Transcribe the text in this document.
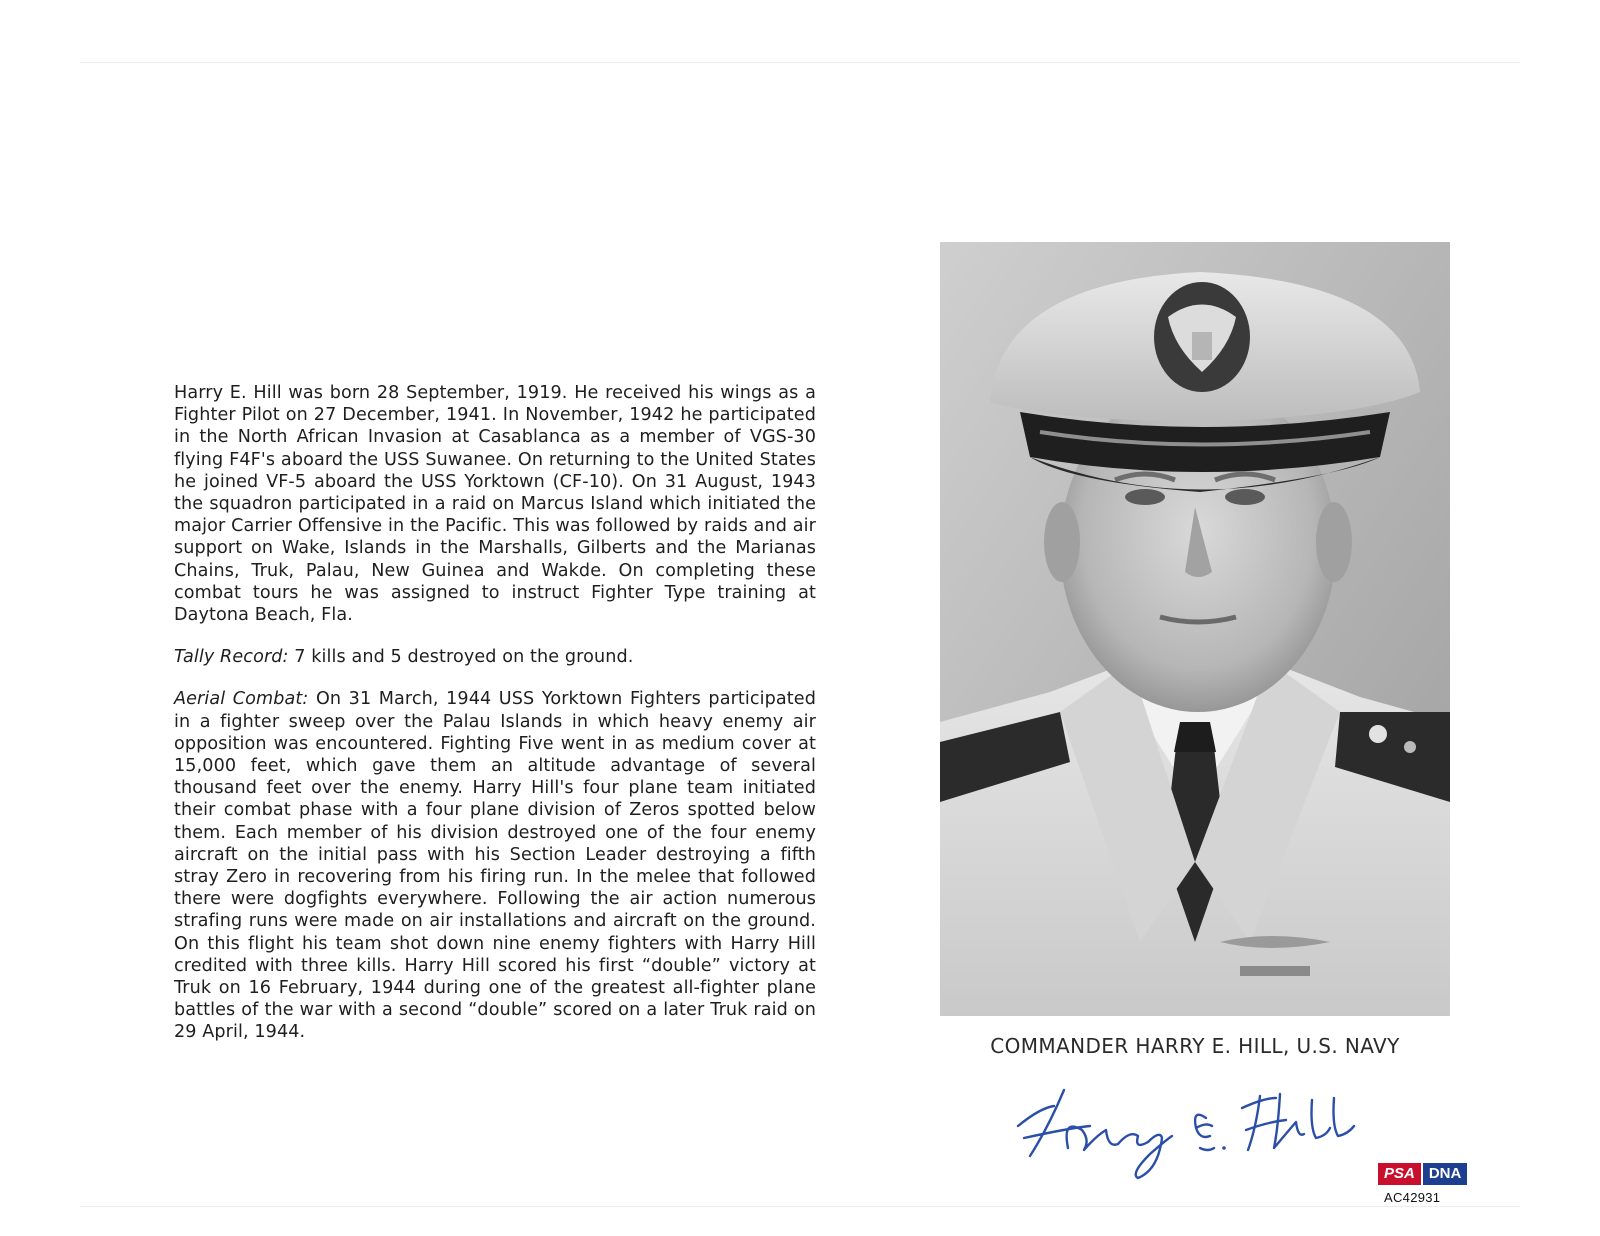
Harry E. Hill was born 28 September, 1919. He received his wings as a Fighter Pilot on 27 December, 1941. In November, 1942 he participated in the North African Invasion at Casablanca as a member of VGS-30 flying F4F's aboard the USS Suwanee. On returning to the United States he joined VF-5 aboard the USS Yorktown (CF-10). On 31 August, 1943 the squadron participated in a raid on Marcus Island which initiated the major Carrier Offensive in the Pacific. This was followed by raids and air support on Wake, Islands in the Marshalls, Gilberts and the Marianas Chains, Truk, Palau, New Guinea and Wakde. On completing these combat tours he was assigned to instruct Fighter Type training at Daytona Beach, Fla.

Tally Record: 7 kills and 5 destroyed on the ground.

Aerial Combat: On 31 March, 1944 USS Yorktown Fighters participated in a fighter sweep over the Palau Islands in which heavy enemy air opposition was encountered. Fighting Five went in as medium cover at 15,000 feet, which gave them an altitude advantage of several thousand feet over the enemy. Harry Hill's four plane team initiated their combat phase with a four plane division of Zeros spotted below them. Each member of his division destroyed one of the four enemy aircraft on the initial pass with his Section Leader destroying a fifth stray Zero in recovering from his firing run. In the melee that followed there were dogfights everywhere. Following the air action numerous strafing runs were made on air installations and aircraft on the ground. On this flight his team shot down nine enemy fighters with Harry Hill credited with three kills. Harry Hill scored his first “double” victory at Truk on 16 February, 1944 during one of the greatest all-fighter plane battles of the war with a second “double” scored on a later Truk raid on 29 April, 1944.

COMMANDER HARRY E. HILL, U.S. NAVY
PSA DNA
AC42931
